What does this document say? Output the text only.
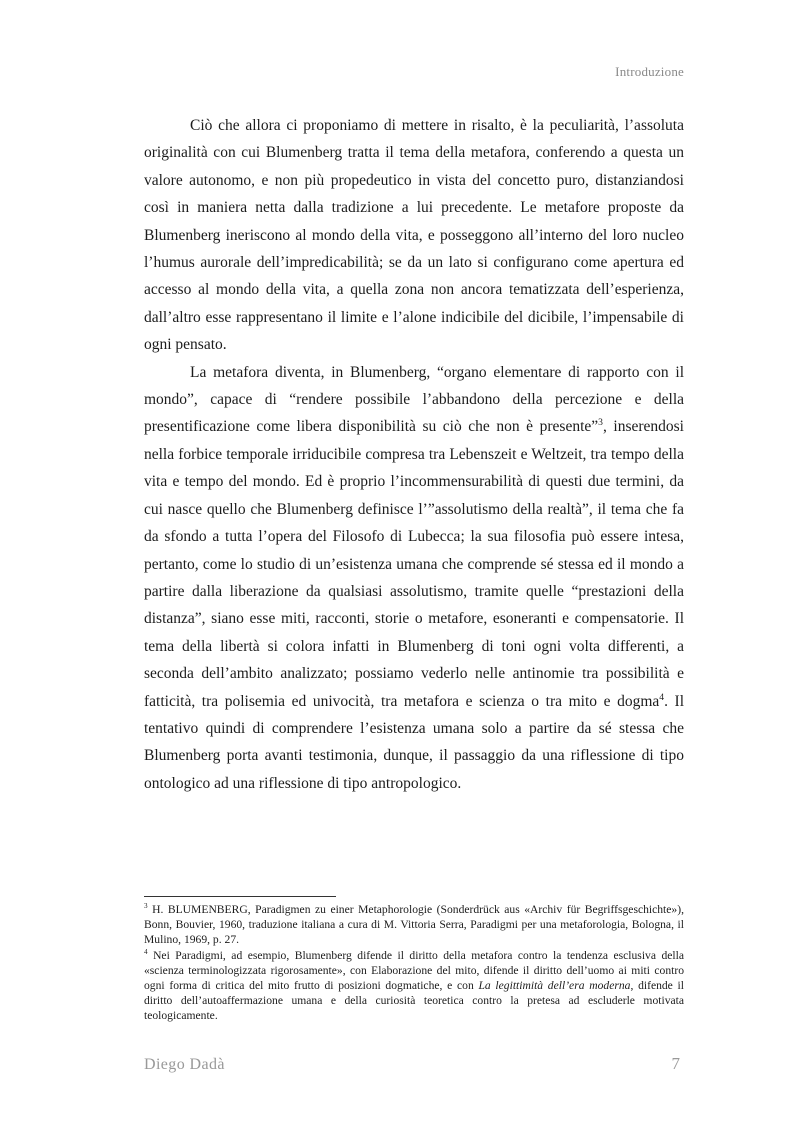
Introduzione

Ciò che allora ci proponiamo di mettere in risalto, è la peculiarità, l’assoluta originalità con cui Blumenberg tratta il tema della metafora, conferendo a questa un valore autonomo, e non più propedeutico in vista del concetto puro, distanziandosi così in maniera netta dalla tradizione a lui precedente. Le metafore proposte da Blumenberg ineriscono al mondo della vita, e posseggono all’interno del loro nucleo l’humus aurorale dell’impredicabilità; se da un lato si configurano come apertura ed accesso al mondo della vita, a quella zona non ancora tematizzata dell’esperienza, dall’altro esse rappresentano il limite e l’alone indicibile del dicibile, l’impensabile di ogni pensato.

La metafora diventa, in Blumenberg, “organo elementare di rapporto con il mondo”, capace di “rendere possibile l’abbandono della percezione e della presentificazione come libera disponibilità su ciò che non è presente”$^3$, inserendosi nella forbice temporale irriducibile compresa tra Lebenszeit e Weltzeit, tra tempo della vita e tempo del mondo. Ed è proprio l’incommensurabilità di questi due termini, da cui nasce quello che Blumenberg definisce l’”assolutismo della realtà”, il tema che fa da sfondo a tutta l’opera del Filosofo di Lubecca; la sua filosofia può essere intesa, pertanto, come lo studio di un’esistenza umana che comprende sé stessa ed il mondo a partire dalla liberazione da qualsiasi assolutismo, tramite quelle “prestazioni della distanza”, siano esse miti, racconti, storie o metafore, esoneranti e compensatorie. Il tema della libertà si colora infatti in Blumenberg di toni ogni volta differenti, a seconda dell’ambito analizzato; possiamo vederlo nelle antinomie tra possibilità e fatticità, tra polisemia ed univocità, tra metafora e scienza o tra mito e dogma$^4$. Il tentativo quindi di comprendere l’esistenza umana solo a partire da sé stessa che Blumenberg porta avanti testimonia, dunque, il passaggio da una riflessione di tipo ontologico ad una riflessione di tipo antropologico.

$^3$ H. BLUMENBERG, Paradigmen zu einer Metaphorologie (Sonderdrück aus «Archiv für Begriffsgeschichte»), Bonn, Bouvier, 1960, traduzione italiana a cura di M. Vittoria Serra, Paradigmi per una metaforologia, Bologna, il Mulino, 1969, p. 27.

$^4$ Nei Paradigmi, ad esempio, Blumenberg difende il diritto della metafora contro la tendenza esclusiva della «scienza terminologizzata rigorosamente», con Elaborazione del mito, difende il diritto dell’uomo ai miti contro ogni forma di critica del mito frutto di posizioni dogmatiche, e con La legittimità dell’era moderna, difende il diritto dell’autoaffermazione umana e della curiosità teoretica contro la pretesa ad escluderle motivata teologicamente.

Diego Dadà	7
